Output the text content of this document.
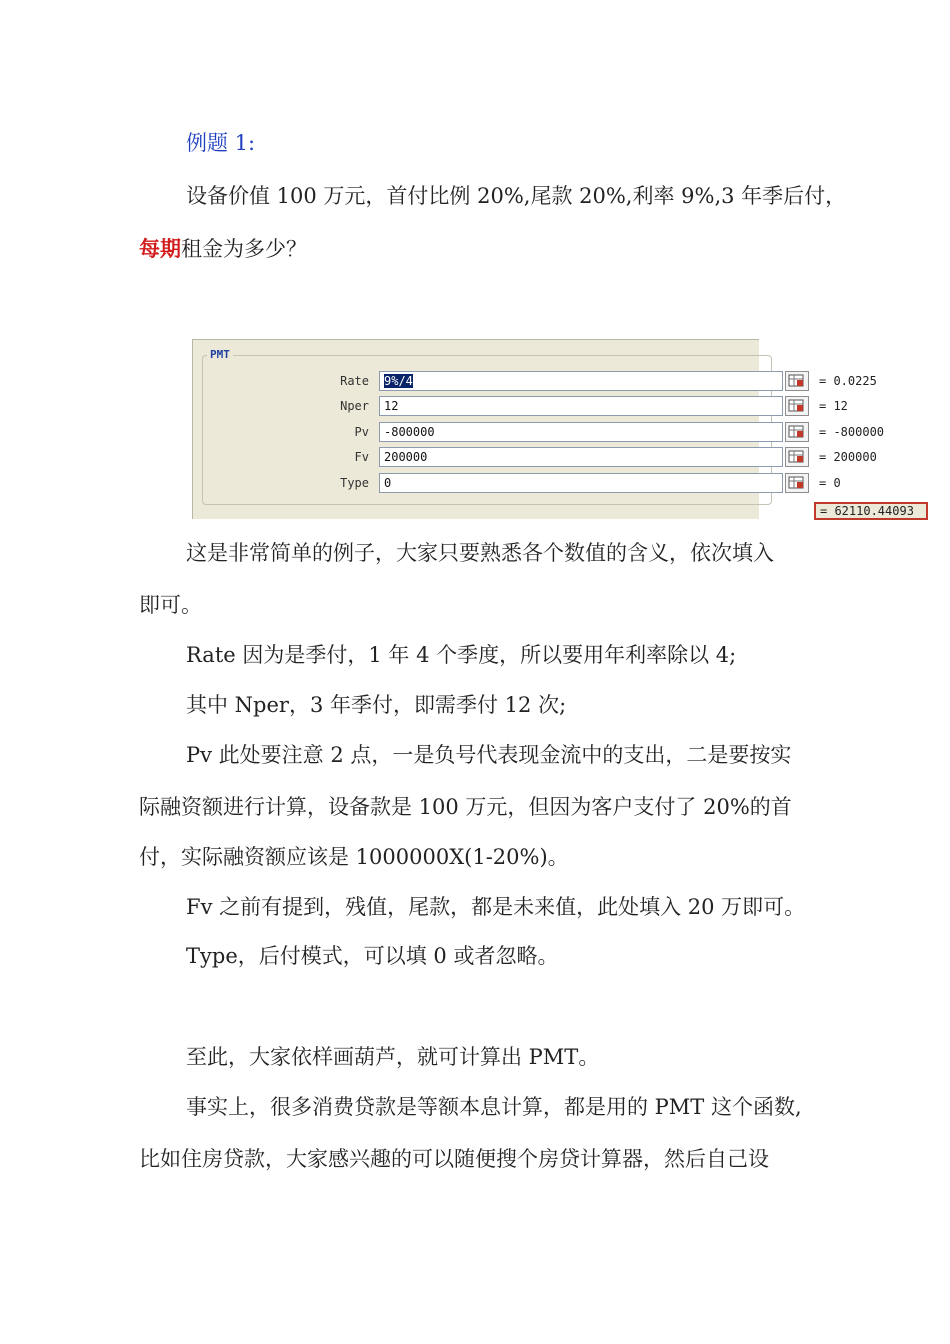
例题 1:
设备价值 100 万元，首付比例 20%,尾款 20%,利率 9%,3 年季后付，
每期租金为多少？
PMT
Rate	9%/4	= 0.0225
Nper	12	= 12
Pv	-800000	= -800000
Fv	200000	= 200000
Type	0	= 0
= 62110.44093
这是非常简单的例子，大家只要熟悉各个数值的含义，依次填入
即可。
Rate 因为是季付，1 年 4 个季度，所以要用年利率除以 4;
其中 Nper，3 年季付，即需季付 12 次;
Pv 此处要注意 2 点，一是负号代表现金流中的支出，二是要按实
际融资额进行计算，设备款是 100 万元，但因为客户支付了 20%的首
付，实际融资额应该是 1000000X(1-20%)。
Fv 之前有提到，残值，尾款，都是未来值，此处填入 20 万即可。
Type，后付模式，可以填 0 或者忽略。
至此，大家依样画葫芦，就可计算出 PMT。
事实上，很多消费贷款是等额本息计算，都是用的 PMT 这个函数,
比如住房贷款，大家感兴趣的可以随便搜个房贷计算器，然后自己设
